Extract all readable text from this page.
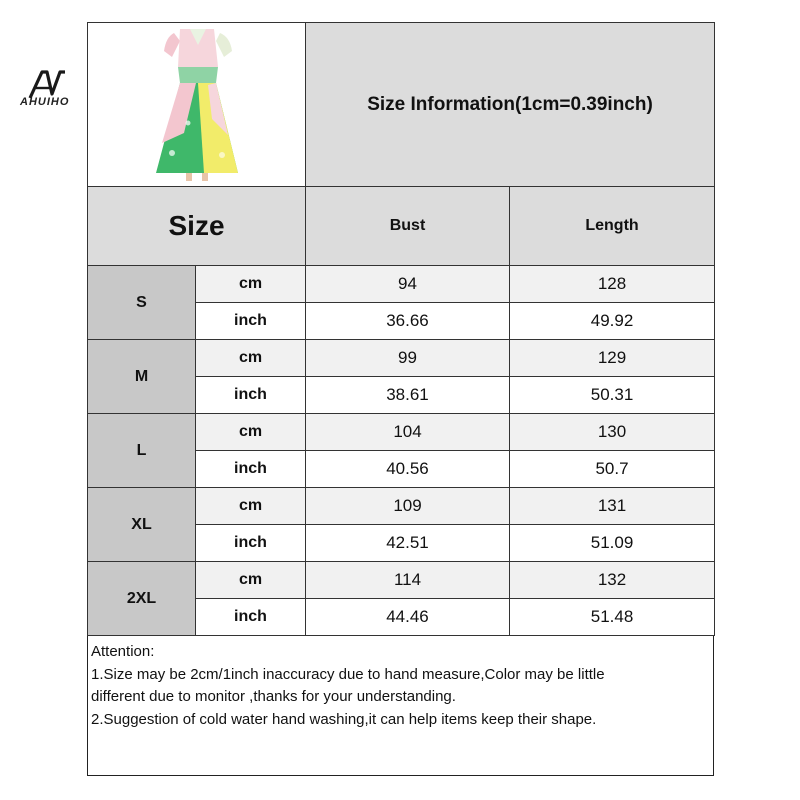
AHUIHO
		Size Information(1cm=0.39inch)	
Size		Bust	Length
S	cm	94	128
	inch	36.66	49.92
M	cm	99	129
	inch	38.61	50.31
L	cm	104	130
	inch	40.56	50.7
XL	cm	109	131
	inch	42.51	51.09
2XL	cm	114	132
	inch	44.46	51.48
Attention:
1.Size may be 2cm/1inch inaccuracy due to hand measure,Color may be little
different due to monitor ,thanks for your understanding.
2.Suggestion of cold water hand washing,it can help items keep their shape.
